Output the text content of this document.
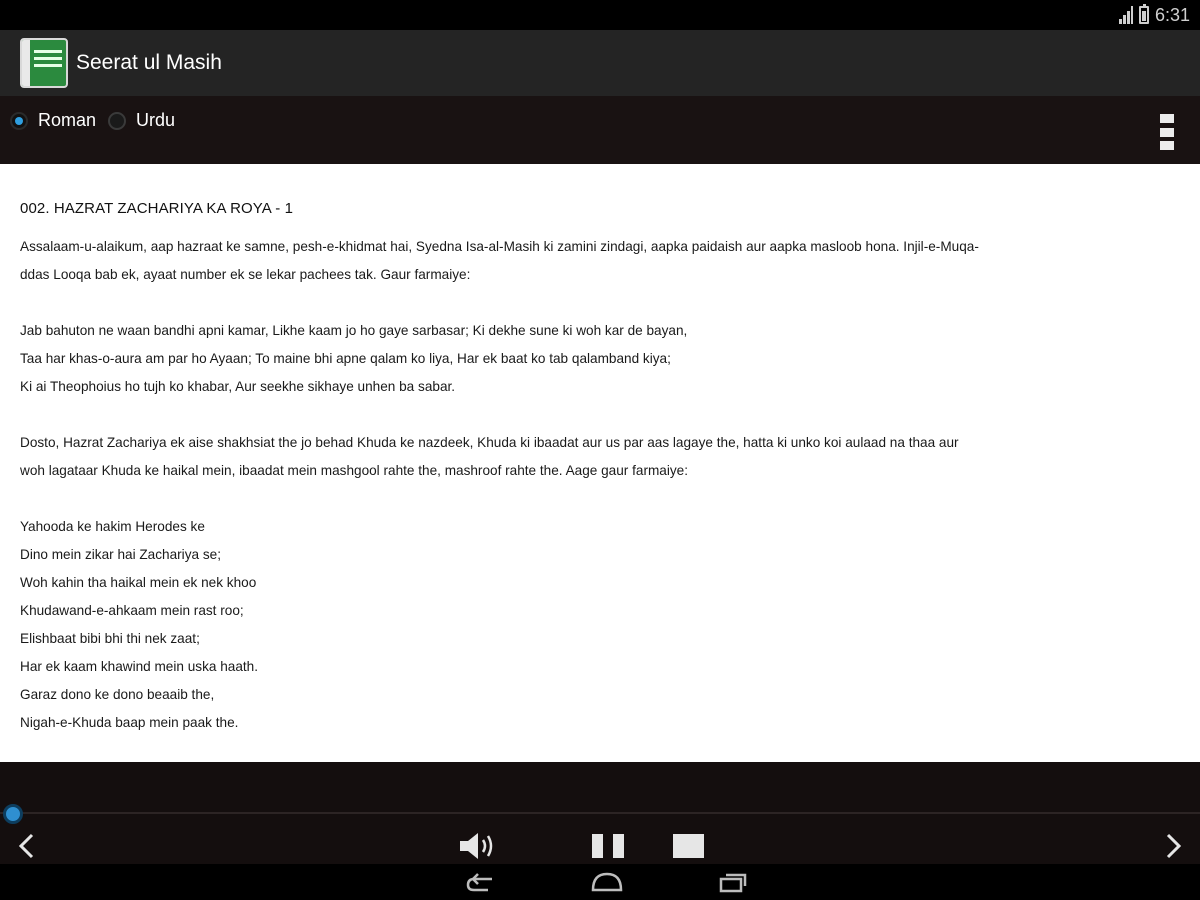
6:31
Seerat ul Masih
Roman Urdu
002. HAZRAT ZACHARIYA KA ROYA - 1
Assalaam-u-alaikum, aap hazraat ke samne, pesh-e-khidmat hai, Syedna Isa-al-Masih ki zamini zindagi, aapka paidaish aur aapka masloob hona. Injil-e-Muqa-
ddas Looqa bab ek, ayaat number ek se lekar pachees tak. Gaur farmaiye:
Jab bahuton ne waan bandhi apni kamar, Likhe kaam jo ho gaye sarbasar; Ki dekhe sune ki woh kar de bayan,
Taa har khas-o-aura am par ho Ayaan; To maine bhi apne qalam ko liya, Har ek baat ko tab qalamband kiya;
Ki ai Theophoius ho tujh ko khabar, Aur seekhe sikhaye unhen ba sabar.
Dosto, Hazrat Zachariya ek aise shakhsiat the jo behad Khuda ke nazdeek, Khuda ki ibaadat aur us par aas lagaye the, hatta ki unko koi aulaad na thaa aur
woh lagataar Khuda ke haikal mein, ibaadat mein mashgool rahte the, mashroof rahte the. Aage gaur farmaiye:
Yahooda ke hakim Herodes ke
Dino mein zikar hai Zachariya se;
Woh kahin tha haikal mein ek nek khoo
Khudawand-e-ahkaam mein rast roo;
Elishbaat bibi bhi thi nek zaat;
Har ek kaam khawind mein uska haath.
Garaz dono ke dono beaaib the,
Nigah-e-Khuda baap mein paak the.
